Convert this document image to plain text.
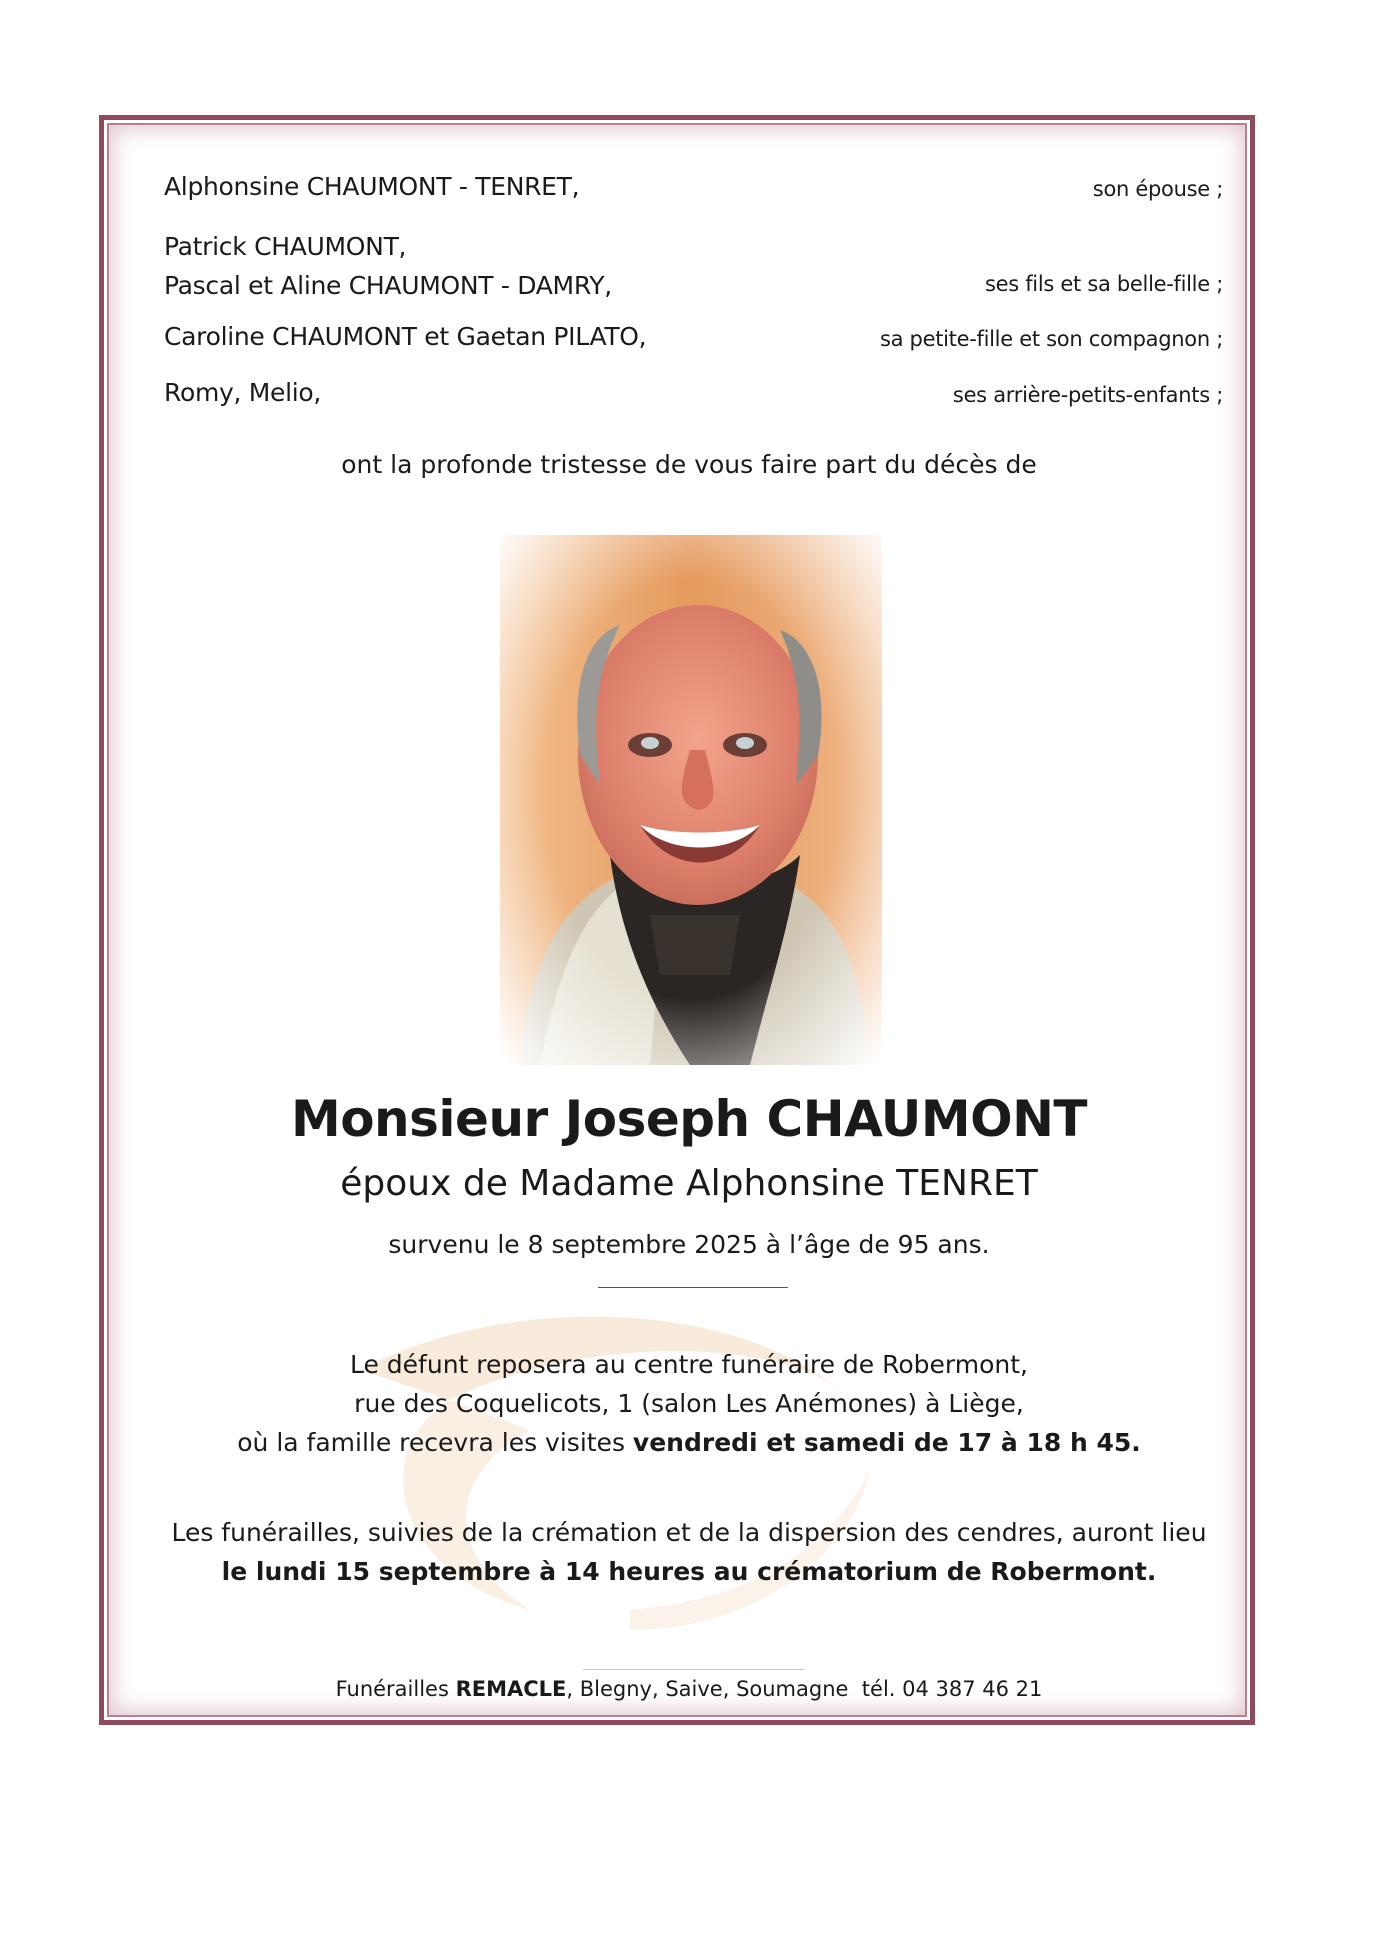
Alphonsine CHAUMONT - TENRET,	son épouse ;
Patrick CHAUMONT,
Pascal et Aline CHAUMONT - DAMRY,	ses fils et sa belle-fille ;
Caroline CHAUMONT et Gaetan PILATO,	sa petite-fille et son compagnon ;
Romy, Melio,	ses arrière-petits-enfants ;
ont la profonde tristesse de vous faire part du décès de
Monsieur Joseph CHAUMONT
époux de Madame Alphonsine TENRET
survenu le 8 septembre 2025 à l’âge de 95 ans.
Le défunt reposera au centre funéraire de Robermont,
rue des Coquelicots, 1 (salon Les Anémones) à Liège,
où la famille recevra les visites vendredi et samedi de 17 à 18 h 45.
Les funérailles, suivies de la crémation et de la dispersion des cendres, auront lieu
le lundi 15 septembre à 14 heures au crématorium de Robermont.
Funérailles REMACLE, Blegny, Saive, Soumagne  tél. 04 387 46 21
